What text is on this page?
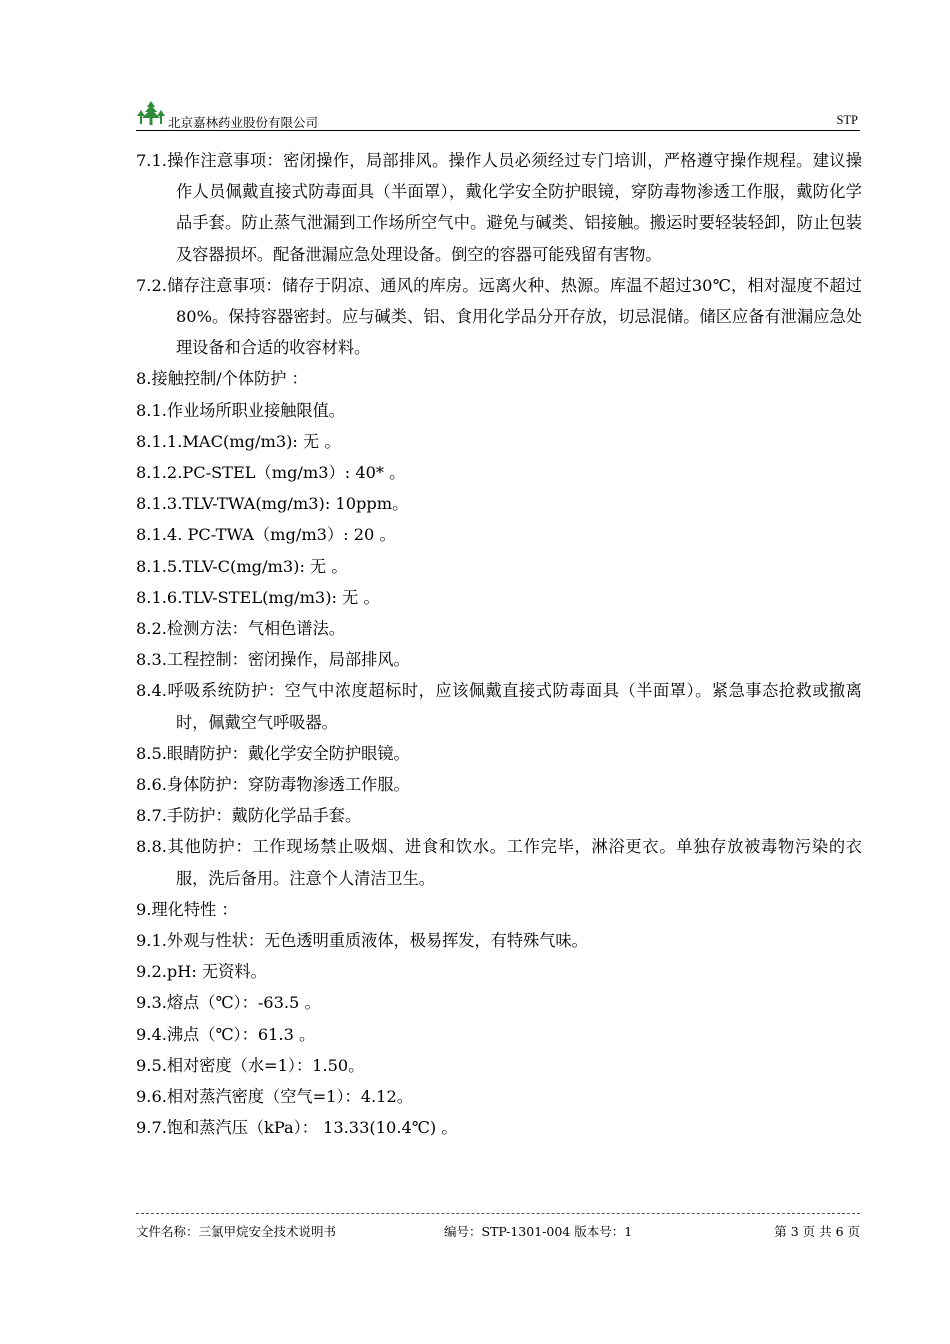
北京嘉林药业股份有限公司	STP

7.1.操作注意事项：密闭操作，局部排风。操作人员必须经过专门培训，严格遵守操作规程。建议操作人员佩戴直接式防毒面具（半面罩），戴化学安全防护眼镜，穿防毒物渗透工作服，戴防化学品手套。防止蒸气泄漏到工作场所空气中。避免与碱类、铝接触。搬运时要轻装轻卸，防止包装及容器损坏。配备泄漏应急处理设备。倒空的容器可能残留有害物。

7.2.储存注意事项：储存于阴凉、通风的库房。远离火种、热源。库温不超过30℃，相对湿度不超过 80%。保持容器密封。应与碱类、铝、食用化学品分开存放，切忌混储。储区应备有泄漏应急处理设备和合适的收容材料。

8.接触控制/个体防护 ：

8.1.作业场所职业接触限值。

8.1.1.MAC(mg/m3): 无 。

8.1.2.PC-STEL（mg/m3）: 40* 。

8.1.3.TLV-TWA(mg/m3): 10ppm。

8.1.4. PC-TWA（mg/m3）: 20 。

8.1.5.TLV-C(mg/m3): 无 。

8.1.6.TLV-STEL(mg/m3): 无 。

8.2.检测方法：气相色谱法。

8.3.工程控制：密闭操作，局部排风。

8.4.呼吸系统防护：空气中浓度超标时，应该佩戴直接式防毒面具（半面罩）。紧急事态抢救或撤离时，佩戴空气呼吸器。

8.5.眼睛防护：戴化学安全防护眼镜。

8.6.身体防护：穿防毒物渗透工作服。

8.7.手防护：戴防化学品手套。

8.8.其他防护：工作现场禁止吸烟、进食和饮水。工作完毕，淋浴更衣。单独存放被毒物污染的衣服，洗后备用。注意个人清洁卫生。

9.理化特性 ：

9.1.外观与性状：无色透明重质液体，极易挥发，有特殊气味。

9.2.pH: 无资料。

9.3.熔点（℃）：-63.5 。

9.4.沸点（℃）：61.3 。

9.5.相对密度（水=1）：1.50。

9.6.相对蒸汽密度（空气=1）：4.12。

9.7.饱和蒸汽压（kPa）： 13.33(10.4℃) 。

文件名称：三氯甲烷安全技术说明书	编号：STP-1301-004 版本号：1	第 3 页 共 6 页
